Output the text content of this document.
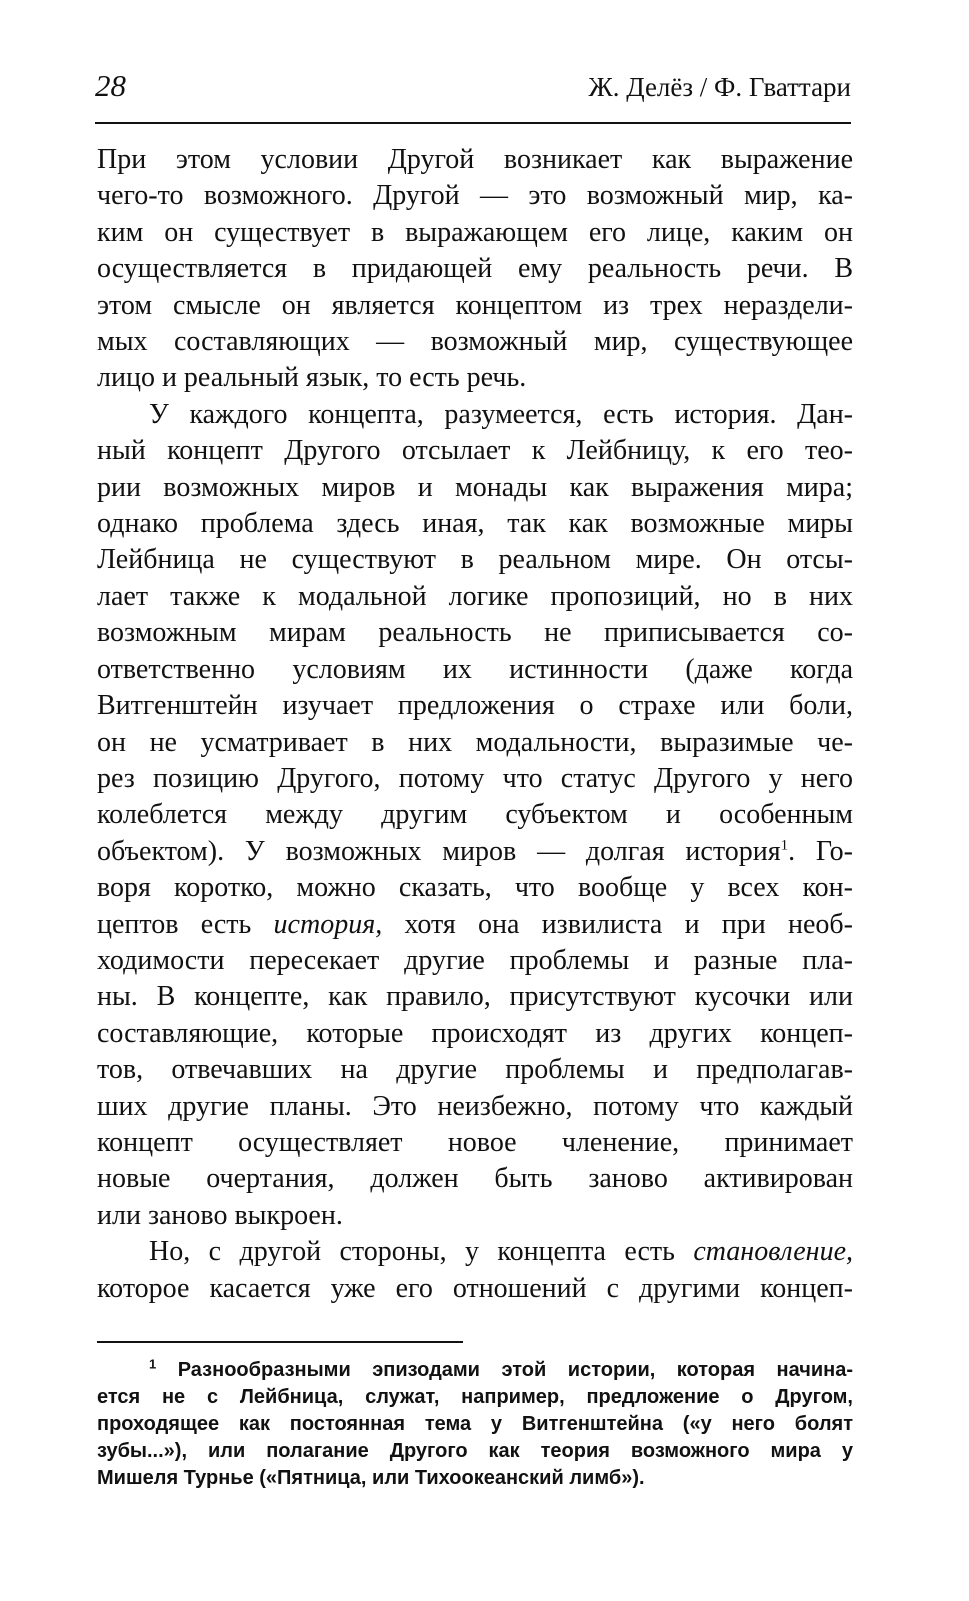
28	Ж. Делёз / Ф. Гваттари
При этом условии Другой возникает как выражение
чего-то возможного. Другой — это возможный мир, ка-
ким он существует в выражающем его лице, каким он
осуществляется в придающей ему реальность речи. В
этом смысле он является концептом из трех нераздели-
мых составляющих — возможный мир, существующее
лицо и реальный язык, то есть речь.
У каждого концепта, разумеется, есть история. Дан-
ный концепт Другого отсылает к Лейбницу, к его тео-
рии возможных миров и монады как выражения мира;
однако проблема здесь иная, так как возможные миры
Лейбница не существуют в реальном мире. Он отсы-
лает также к модальной логике пропозиций, но в них
возможным мирам реальность не приписывается со-
ответственно условиям их истинности (даже когда
Витгенштейн изучает предложения о страхе или боли,
он не усматривает в них модальности, выразимые че-
рез позицию Другого, потому что статус Другого у него
колеблется между другим субъектом и особенным
объектом). У возможных миров — долгая история$^1$. Го-
воря коротко, можно сказать, что вообще у всех кон-
цептов есть история, хотя она извилиста и при необ-
ходимости пересекает другие проблемы и разные пла-
ны. В концепте, как правило, присутствуют кусочки или
составляющие, которые происходят из других концеп-
тов, отвечавших на другие проблемы и предполагав-
ших другие планы. Это неизбежно, потому что каждый
концепт осуществляет новое членение, принимает
новые очертания, должен быть заново активирован
или заново выкроен.
Но, с другой стороны, у концепта есть становление,
которое касается уже его отношений с другими концеп-
$^1$ Разнообразными эпизодами этой истории, которая начина-
ется не с Лейбница, служат, например, предложение о Другом,
проходящее как постоянная тема у Витгенштейна («у него болят
зубы...»), или полагание Другого как теория возможного мира у
Мишеля Турнье («Пятница, или Тихоокеанский лимб»).
